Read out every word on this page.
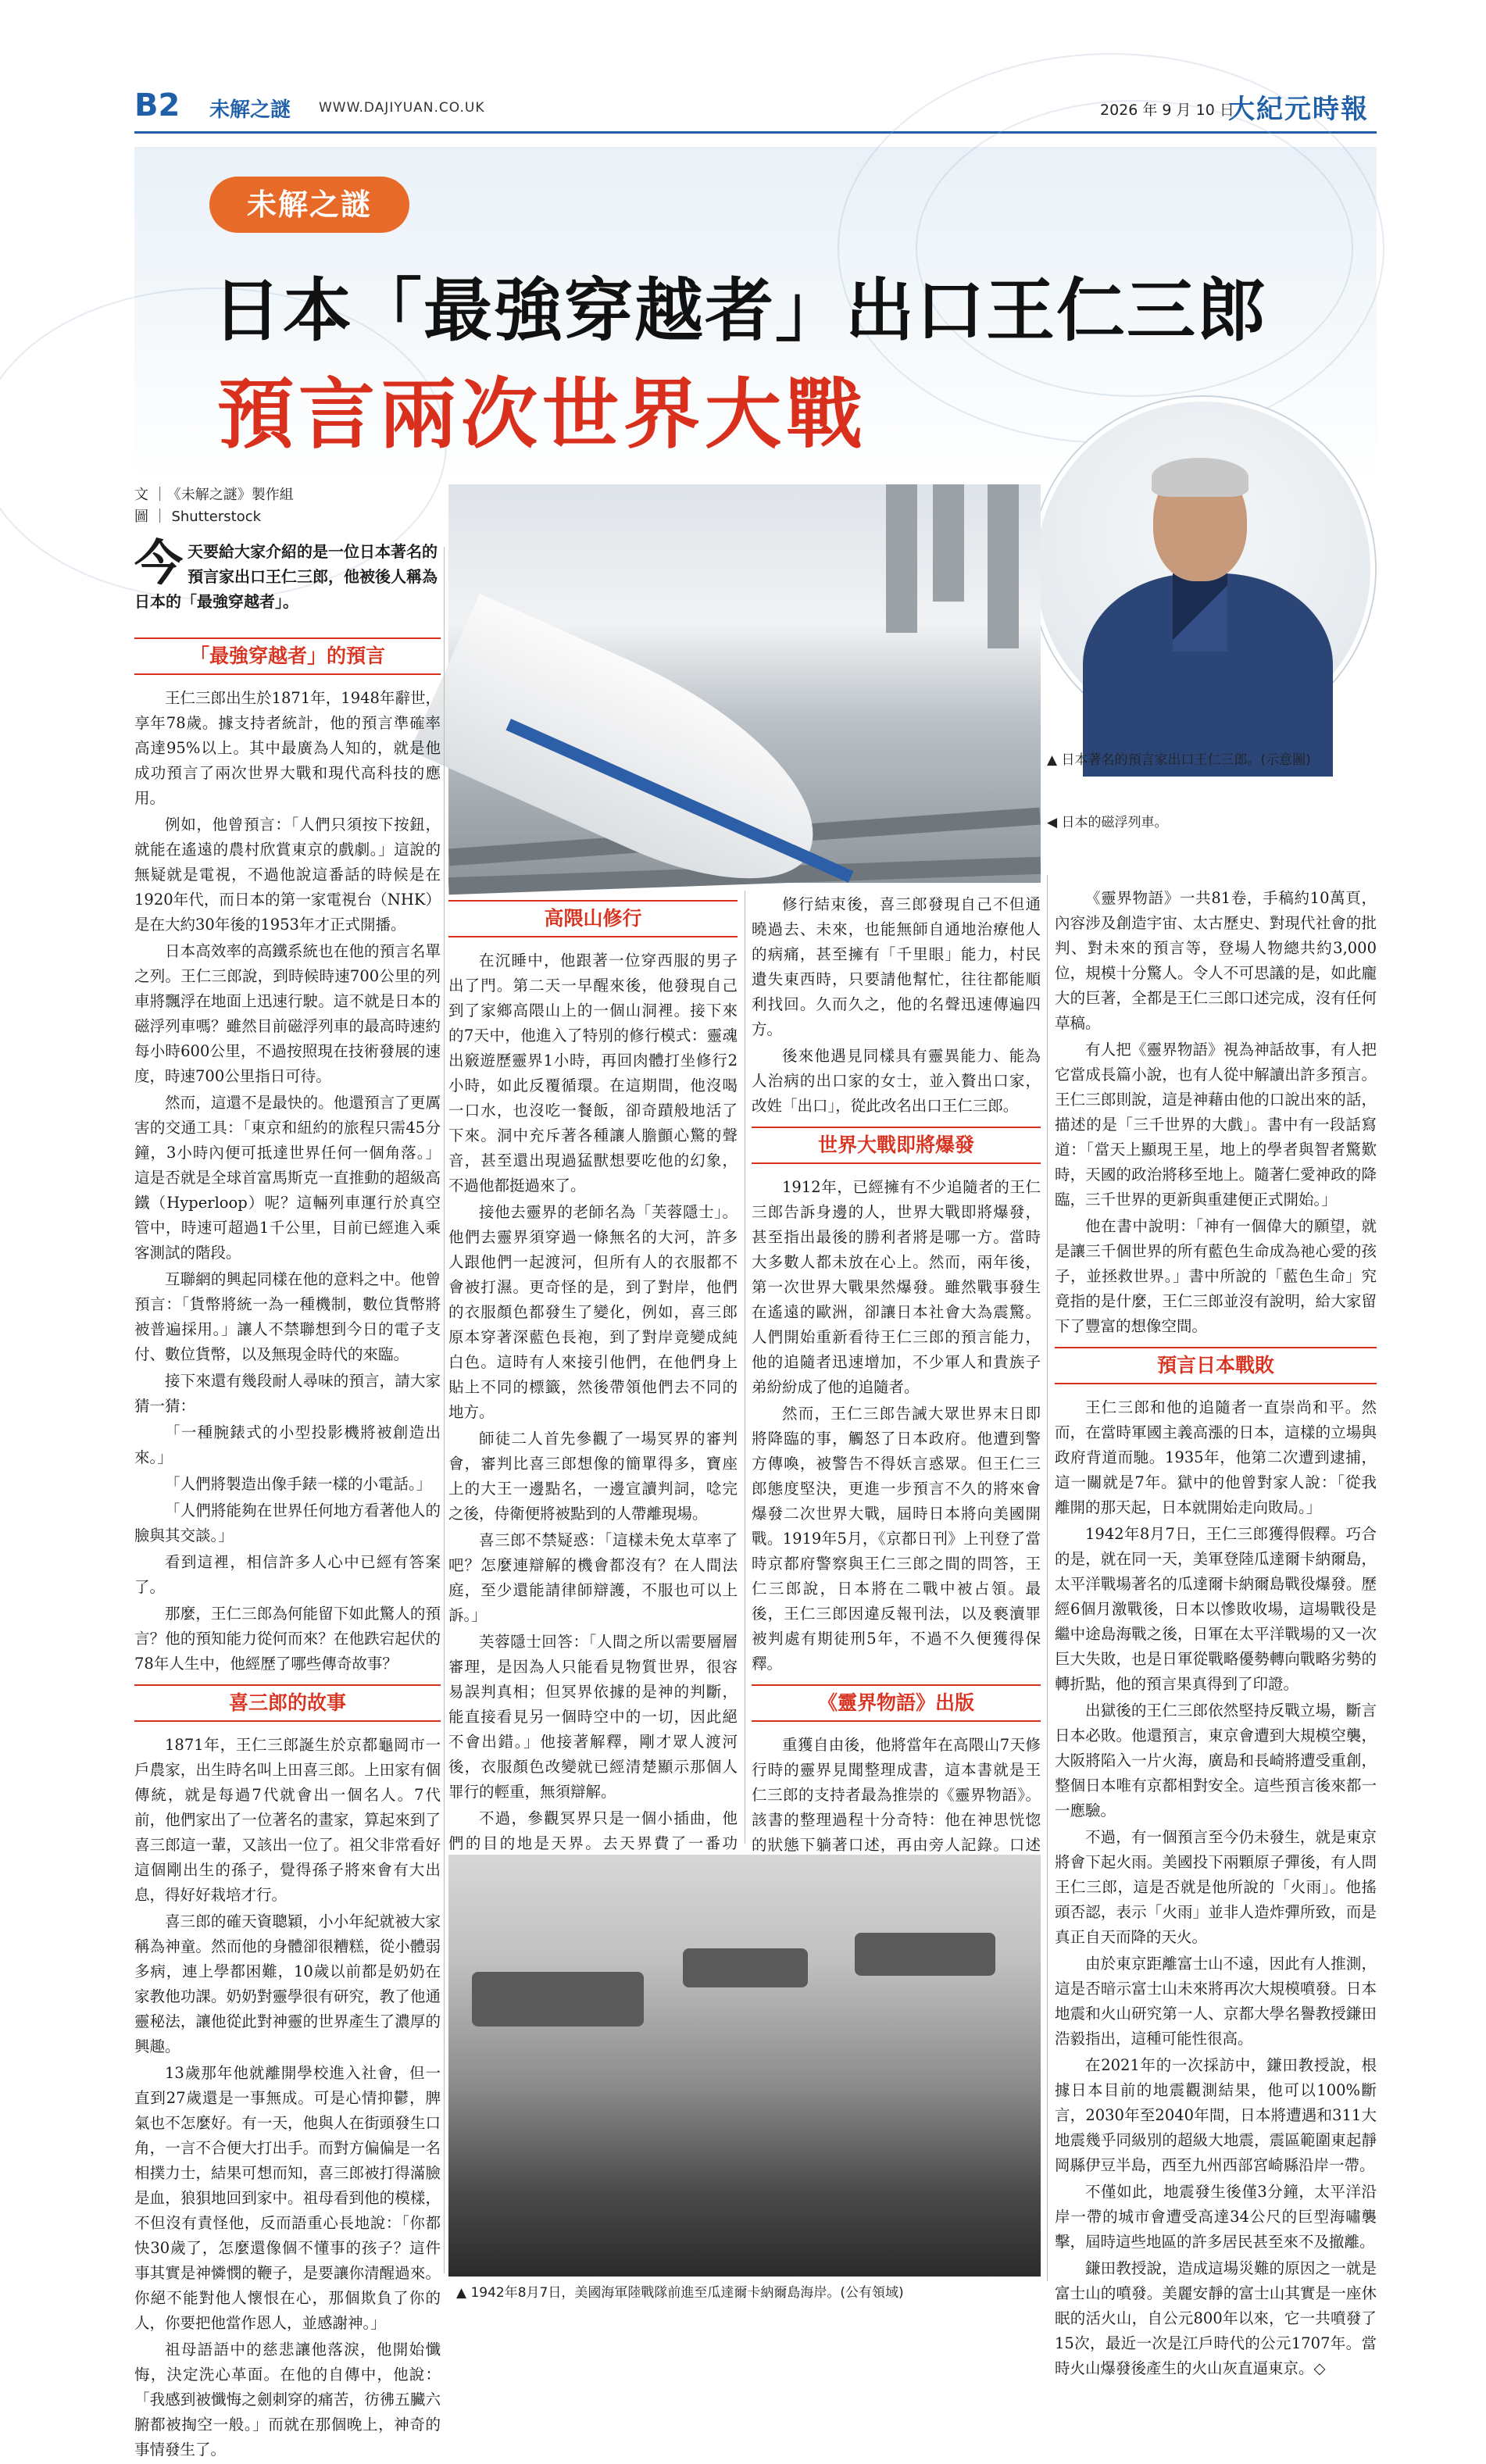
B2 未解之謎 WWW.DAJIYUAN.CO.UK	2026 年 9 月 10 日
大紀元時報
未解之謎
日本「最強穿越者」出口王仁三郎
預言兩次世界大戰
▲ 日本著名的預言家出口王仁三郎。(示意圖)
◀ 日本的磁浮列車。
文 ｜《未解之謎》製作組
圖 ｜ Shutterstock
今 天要給大家介紹的是一位日本著名的預言家出口王仁三郎，他被後人稱為日本的「最強穿越者」。
「最強穿越者」的預言

王仁三郎出生於1871年，1948年辭世，享年78歲。據支持者統計，他的預言準確率高達95%以上。其中最廣為人知的，就是他成功預言了兩次世界大戰和現代高科技的應用。

例如，他曾預言：「人們只須按下按鈕，就能在遙遠的農村欣賞東京的戲劇。」這說的無疑就是電視，不過他說這番話的時候是在1920年代，而日本的第一家電視台（NHK）是在大約30年後的1953年才正式開播。

日本高效率的高鐵系統也在他的預言名單之列。王仁三郎說，到時候時速700公里的列車將飄浮在地面上迅速行駛。這不就是日本的磁浮列車嗎？雖然目前磁浮列車的最高時速約每小時600公里，不過按照現在技術發展的速度，時速700公里指日可待。

然而，這還不是最快的。他還預言了更厲害的交通工具：「東京和紐約的旅程只需45分鐘，3小時內便可抵達世界任何一個角落。」這是否就是全球首富馬斯克一直推動的超級高鐵（Hyperloop）呢？這輛列車運行於真空管中，時速可超過1千公里，目前已經進入乘客測試的階段。

互聯網的興起同樣在他的意料之中。他曾預言：「貨幣將統一為一種機制，數位貨幣將被普遍採用。」讓人不禁聯想到今日的電子支付、數位貨幣，以及無現金時代的來臨。

接下來還有幾段耐人尋味的預言，請大家猜一猜：

「一種腕錶式的小型投影機將被創造出來。」

「人們將製造出像手錶一樣的小電話。」

「人們將能夠在世界任何地方看著他人的臉與其交談。」

看到這裡，相信許多人心中已經有答案了。

那麼，王仁三郎為何能留下如此驚人的預言？他的預知能力從何而來？在他跌宕起伏的78年人生中，他經歷了哪些傳奇故事？

喜三郎的故事

1871年，王仁三郎誕生於京都龜岡市一戶農家，出生時名叫上田喜三郎。上田家有個傳統，就是每過7代就會出一個名人。7代前，他們家出了一位著名的畫家，算起來到了喜三郎這一輩，又該出一位了。祖父非常看好這個剛出生的孫子，覺得孫子將來會有大出息，得好好栽培才行。

喜三郎的確天資聰穎，小小年紀就被大家稱為神童。然而他的身體卻很糟糕，從小體弱多病，連上學都困難，10歲以前都是奶奶在家教他功課。奶奶對靈學很有研究，教了他通靈秘法，讓他從此對神靈的世界產生了濃厚的興趣。

13歲那年他就離開學校進入社會，但一直到27歲還是一事無成。可是心情抑鬱，脾氣也不怎麼好。有一天，他與人在街頭發生口角，一言不合便大打出手。而對方偏偏是一名相撲力士，結果可想而知，喜三郎被打得滿臉是血，狼狽地回到家中。祖母看到他的模樣，不但沒有責怪他，反而語重心長地說：「你都快30歲了，怎麼還像個不懂事的孩子？這件事其實是神憐憫的鞭子，是要讓你清醒過來。你絕不能對他人懷恨在心，那個欺負了你的人，你要把他當作恩人，並感謝神。」

祖母語語中的慈悲讓他落淚，他開始懺悔，決定洗心革面。在他的自傳中，他說：「我感到被懺悔之劍刺穿的痛苦，彷彿五臟六腑都被掏空一般。」而就在那個晚上，神奇的事情發生了。

高隈山修行

在沉睡中，他跟著一位穿西服的男子出了門。第二天一早醒來後，他發現自己到了家鄉高隈山上的一個山洞裡。接下來的7天中，他進入了特別的修行模式：靈魂出竅遊歷靈界1小時，再回肉體打坐修行2小時，如此反覆循環。在這期間，他沒喝一口水，也沒吃一餐飯，卻奇蹟般地活了下來。洞中充斥著各種讓人膽顫心驚的聲音，甚至還出現過猛獸想要吃他的幻象，不過他都挺過來了。

接他去靈界的老師名為「芙蓉隱士」。他們去靈界須穿過一條無名的大河，許多人跟他們一起渡河，但所有人的衣服都不會被打濕。更奇怪的是，到了對岸，他們的衣服顏色都發生了變化，例如，喜三郎原本穿著深藍色長袍，到了對岸竟變成純白色。這時有人來接引他們，在他們身上貼上不同的標籤，然後帶領他們去不同的地方。

師徒二人首先參觀了一場冥界的審判會，審判比喜三郎想像的簡單得多，寶座上的大王一邊點名，一邊宣讀判詞，唸完之後，侍衛便將被點到的人帶離現場。

喜三郎不禁疑惑：「這樣未免太草率了吧？怎麼連辯解的機會都沒有？在人間法庭，至少還能請律師辯護，不服也可以上訴。」

芙蓉隱士回答：「人間之所以需要層層審理，是因為人只能看見物質世界，很容易誤判真相；但冥界依據的是神的判斷，能直接看見另一個時空中的一切，因此絕不會出錯。」他接著解釋，剛才眾人渡河後，衣服顏色改變就已經清楚顯示那個人罪行的輕重，無須辯解。

不過，參觀冥界只是一個小插曲，他們的目的地是天界。去天界費了一番功

修行結束後，喜三郎發現自己不但通曉過去、未來，也能無師自通地治療他人的病痛，甚至擁有「千里眼」能力，村民遺失東西時，只要請他幫忙，往往都能順利找回。久而久之，他的名聲迅速傳遍四方。

後來他遇見同樣具有靈異能力、能為人治病的出口家的女士，並入贅出口家，改姓「出口」，從此改名出口王仁三郎。

世界大戰即將爆發

1912年，已經擁有不少追隨者的王仁三郎告訴身邊的人，世界大戰即將爆發，甚至指出最後的勝利者將是哪一方。當時大多數人都未放在心上。然而，兩年後，第一次世界大戰果然爆發。雖然戰事發生在遙遠的歐洲，卻讓日本社會大為震驚。人們開始重新看待王仁三郎的預言能力，他的追隨者迅速增加，不少軍人和貴族子弟紛紛成了他的追隨者。

然而，王仁三郎告誡大眾世界末日即將降臨的事，觸怒了日本政府。他遭到警方傳喚，被警告不得妖言惑眾。但王仁三郎態度堅決，更進一步預言不久的將來會爆發二次世界大戰，屆時日本將向美國開戰。1919年5月，《京都日刊》上刊登了當時京都府警察與王仁三郎之間的問答，王仁三郎說，日本將在二戰中被占領。最後，王仁三郎因違反報刊法，以及褻瀆罪被判處有期徒刑5年，不過不久便獲得保釋。

《靈界物語》出版

重獲自由後，他將當年在高隈山7天修行時的靈界見聞整理成書，這本書就是王仁三郎的支持者最為推崇的《靈界物語》。該書的整理過程十分奇特：他在神思恍惚的狀態下躺著口述，再由旁人記錄。口述

▲ 1942年8月7日，美國海軍陸戰隊前進至瓜達爾卡納爾島海岸。(公有領域)

《靈界物語》一共81卷，手稿約10萬頁，內容涉及創造宇宙、太古歷史、對現代社會的批判、對未來的預言等，登場人物總共約3,000位，規模十分驚人。令人不可思議的是，如此龐大的巨著，全都是王仁三郎口述完成，沒有任何草稿。

有人把《靈界物語》視為神話故事，有人把它當成長篇小說，也有人從中解讀出許多預言。王仁三郎則說，這是神藉由他的口說出來的話，描述的是「三千世界的大戲」。書中有一段話寫道：「當天上顯現王星，地上的學者與智者驚歎時，天國的政治將移至地上。隨著仁愛神政的降臨，三千世界的更新與重建便正式開始。」

他在書中說明：「神有一個偉大的願望，就是讓三千個世界的所有藍色生命成為祂心愛的孩子，並拯救世界。」書中所說的「藍色生命」究竟指的是什麼，王仁三郎並沒有說明，給大家留下了豐富的想像空間。

預言日本戰敗

王仁三郎和他的追隨者一直崇尚和平。然而，在當時軍國主義高漲的日本，這樣的立場與政府背道而馳。1935年，他第二次遭到逮捕，這一關就是7年。獄中的他曾對家人說：「從我離開的那天起，日本就開始走向敗局。」

1942年8月7日，王仁三郎獲得假釋。巧合的是，就在同一天，美軍登陸瓜達爾卡納爾島，太平洋戰場著名的瓜達爾卡納爾島戰役爆發。歷經6個月激戰後，日本以慘敗收場，這場戰役是繼中途島海戰之後，日軍在太平洋戰場的又一次巨大失敗，也是日軍從戰略優勢轉向戰略劣勢的轉折點，他的預言果真得到了印證。

出獄後的王仁三郎依然堅持反戰立場，斷言日本必敗。他還預言，東京會遭到大規模空襲，大阪將陷入一片火海，廣島和長崎將遭受重創，整個日本唯有京都相對安全。這些預言後來都一一應驗。

不過，有一個預言至今仍未發生，就是東京將會下起火雨。美國投下兩顆原子彈後，有人問王仁三郎，這是否就是他所說的「火雨」。他搖頭否認，表示「火雨」並非人造炸彈所致，而是真正自天而降的天火。

由於東京距離富士山不遠，因此有人推測，這是否暗示富士山未來將再次大規模噴發。日本地震和火山研究第一人、京都大學名譽教授鎌田浩毅指出，這種可能性很高。

在2021年的一次採訪中，鎌田教授說，根據日本目前的地震觀測結果，他可以100%斷言，2030年至2040年間，日本將遭遇和311大地震幾乎同級別的超級大地震，震區範圍東起靜岡縣伊豆半島，西至九州西部宮崎縣沿岸一帶。

不僅如此，地震發生後僅3分鐘，太平洋沿岸一帶的城市會遭受高達34公尺的巨型海嘯襲擊，屆時這些地區的許多居民甚至來不及撤離。

鎌田教授說，造成這場災難的原因之一就是富士山的噴發。美麗安靜的富士山其實是一座休眠的活火山，自公元800年以來，它一共噴發了15次，最近一次是江戶時代的公元1707年。當時火山爆發後產生的火山灰直逼東京。◇
